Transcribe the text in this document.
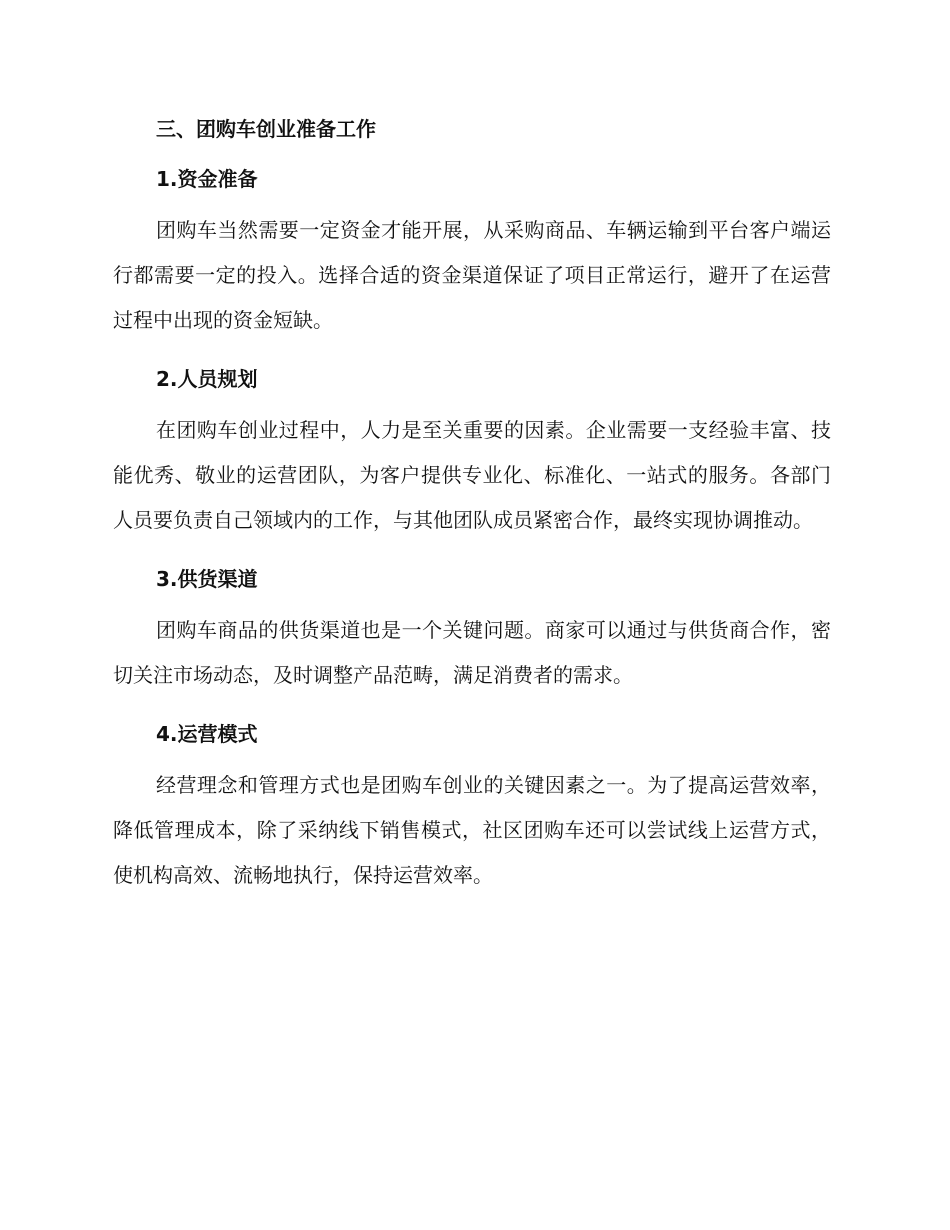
三、团购车创业准备工作
1.资金准备

团购车当然需要一定资金才能开展，从采购商品、车辆运输到平台客户端运行都需要一定的投入。选择合适的资金渠道保证了项目正常运行，避开了在运营过程中出现的资金短缺。

2.人员规划

在团购车创业过程中，人力是至关重要的因素。企业需要一支经验丰富、技能优秀、敬业的运营团队，为客户提供专业化、标准化、一站式的服务。各部门人员要负责自己领域内的工作，与其他团队成员紧密合作，最终实现协调推动。

3.供货渠道

团购车商品的供货渠道也是一个关键问题。商家可以通过与供货商合作，密切关注市场动态，及时调整产品范畴，满足消费者的需求。

4.运营模式

经营理念和管理方式也是团购车创业的关键因素之一。为了提高运营效率，降低管理成本，除了采纳线下销售模式，社区团购车还可以尝试线上运营方式，使机构高效、流畅地执行，保持运营效率。
